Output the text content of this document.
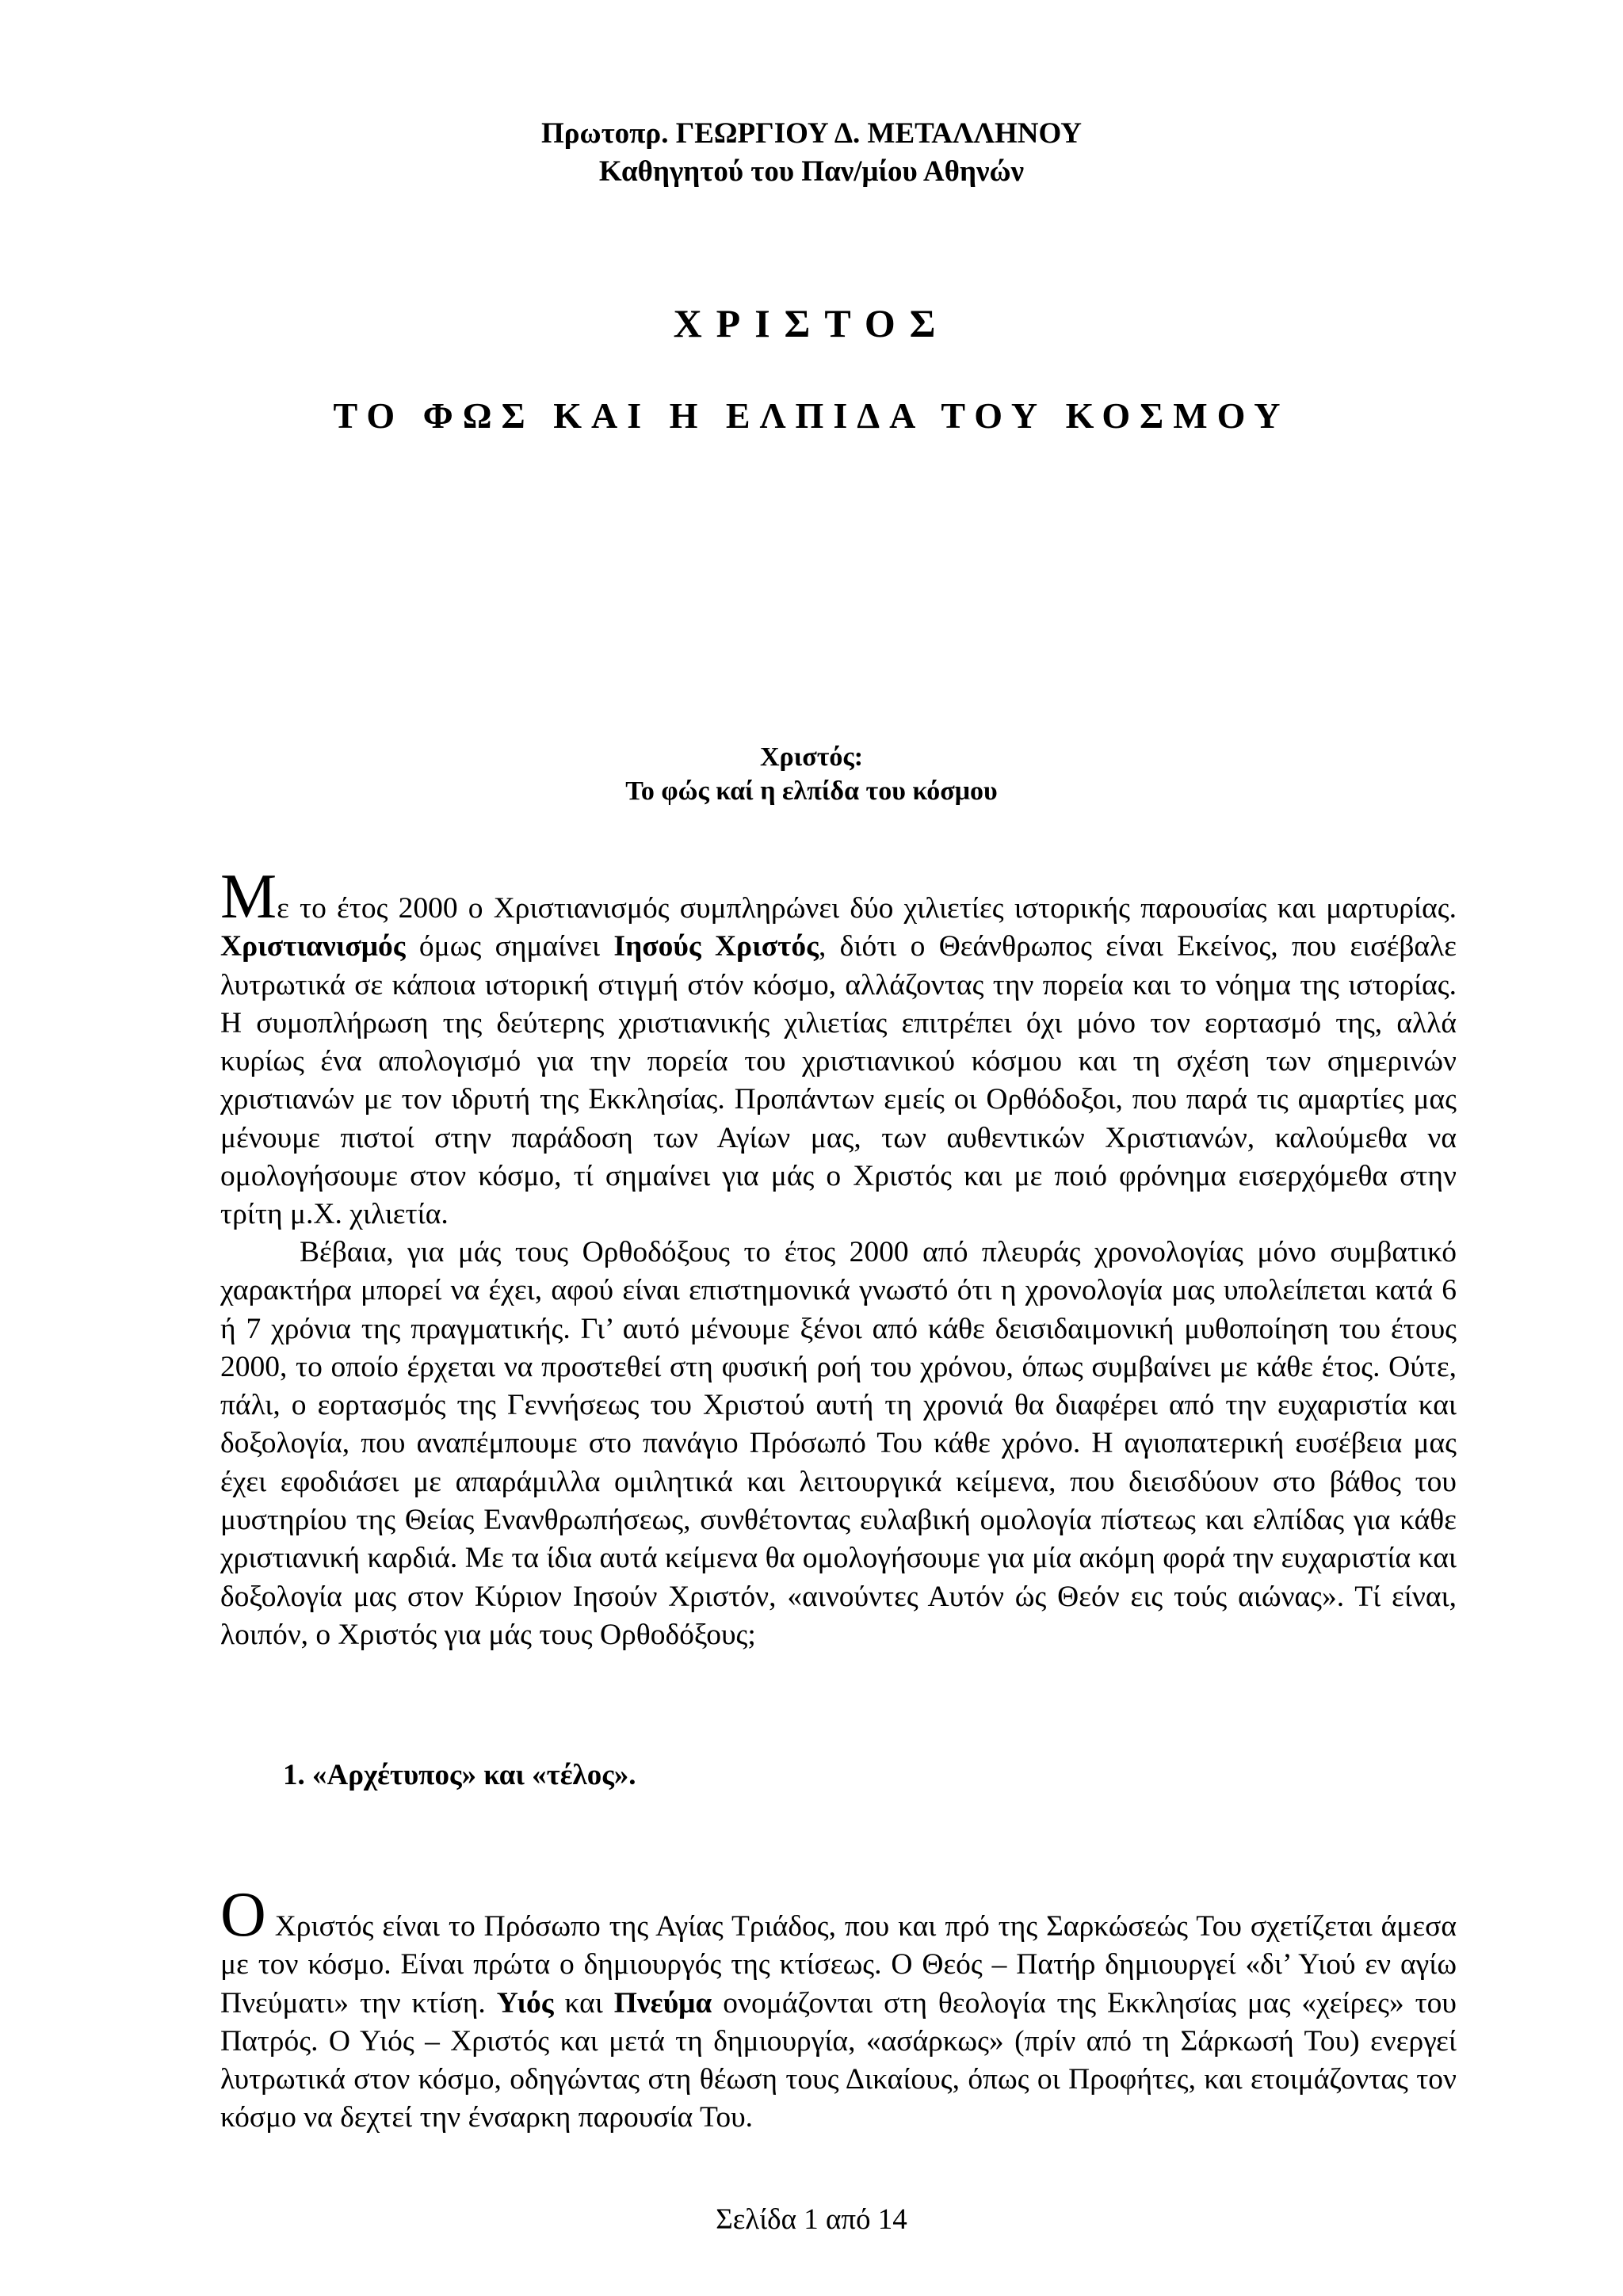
Πρωτοπρ. ΓΕΩΡΓΙΟΥ Δ. ΜΕΤΑΛΛΗΝΟΥ
Καθηγητού του Παν/μίου Αθηνών
ΧΡΙΣΤΟΣ
ΤΟ ΦΩΣ ΚΑΙ Η ΕΛΠΙΔΑ ΤΟΥ ΚΟΣΜΟΥ
Χριστός:
Το φώς καί η ελπίδα του κόσμου
Με το έτος 2000 ο Χριστιανισμός συμπληρώνει δύο χιλιετίες ιστορικής παρουσίας και μαρτυρίας. Χριστιανισμός όμως σημαίνει Ιησούς Χριστός, διότι ο Θεάνθρωπος είναι Εκείνος, που εισέβαλε λυτρωτικά σε κάποια ιστορική στιγμή στόν κόσμο, αλλάζοντας την πορεία και το νόημα της ιστορίας. Η συμοπλήρωση της δεύτερης χριστιανικής χιλιετίας επιτρέπει όχι μόνο τον εορτασμό της, αλλά κυρίως ένα απολογισμό για την πορεία του χριστιανικού κόσμου και τη σχέση των σημερινών χριστιανών με τον ιδρυτή της Εκκλησίας. Προπάντων εμείς οι Ορθόδοξοι, που παρά τις αμαρτίες μας μένουμε πιστοί στην παράδοση των Αγίων μας, των αυθεντικών Χριστιανών, καλούμεθα να ομολογήσουμε στον κόσμο, τί σημαίνει για μάς ο Χριστός και με ποιό φρόνημα εισερχόμεθα στην τρίτη μ.Χ. χιλιετία.
Βέβαια, για μάς τους Ορθοδόξους το έτος 2000 από πλευράς χρονολογίας μόνο συμβατικό χαρακτήρα μπορεί να έχει, αφού είναι επιστημονικά γνωστό ότι η χρονολογία μας υπολείπεται κατά 6 ή 7 χρόνια της πραγματικής. Γι’ αυτό μένουμε ξένοι από κάθε δεισιδαιμονική μυθοποίηση του έτους 2000, το οποίο έρχεται να προστεθεί στη φυσική ροή του χρόνου, όπως συμβαίνει με κάθε έτος. Ούτε, πάλι, ο εορτασμός της Γεννήσεως του Χριστού αυτή τη χρονιά θα διαφέρει από την ευχαριστία και δοξολογία, που αναπέμπουμε στο πανάγιο Πρόσωπό Του κάθε χρόνο. Η αγιοπατερική ευσέβεια μας έχει εφοδιάσει με απαράμιλλα ομιλητικά και λειτουργικά κείμενα, που διεισδύουν στο βάθος του μυστηρίου της Θείας Ενανθρωπήσεως, συνθέτοντας ευλαβική ομολογία πίστεως και ελπίδας για κάθε χριστιανική καρδιά. Με τα ίδια αυτά κείμενα θα ομολογήσουμε για μία ακόμη φορά την ευχαριστία και δοξολογία μας στον Κύριον Ιησούν Χριστόν, «αινούντες Αυτόν ώς Θεόν εις τούς αιώνας». Τί είναι, λοιπόν, ο Χριστός για μάς τους Ορθοδόξους;
1. «Αρχέτυπος» και «τέλος».
Ο Χριστός είναι το Πρόσωπο της Αγίας Τριάδος, που και πρό της Σαρκώσεώς Του σχετίζεται άμεσα με τον κόσμο. Είναι πρώτα ο δημιουργός της κτίσεως. Ο Θεός – Πατήρ δημιουργεί «δι’ Υιού εν αγίω Πνεύματι» την κτίση. Υιός και Πνεύμα ονομάζονται στη θεολογία της Εκκλησίας μας «χείρες» του Πατρός. Ο Υιός – Χριστός και μετά τη δημιουργία, «ασάρκως» (πρίν από τη Σάρκωσή Του) ενεργεί λυτρωτικά στον κόσμο, οδηγώντας στη θέωση τους Δικαίους, όπως οι Προφήτες, και ετοιμάζοντας τον κόσμο να δεχτεί την ένσαρκη παρουσία Του.
Σελίδα 1 από 14
